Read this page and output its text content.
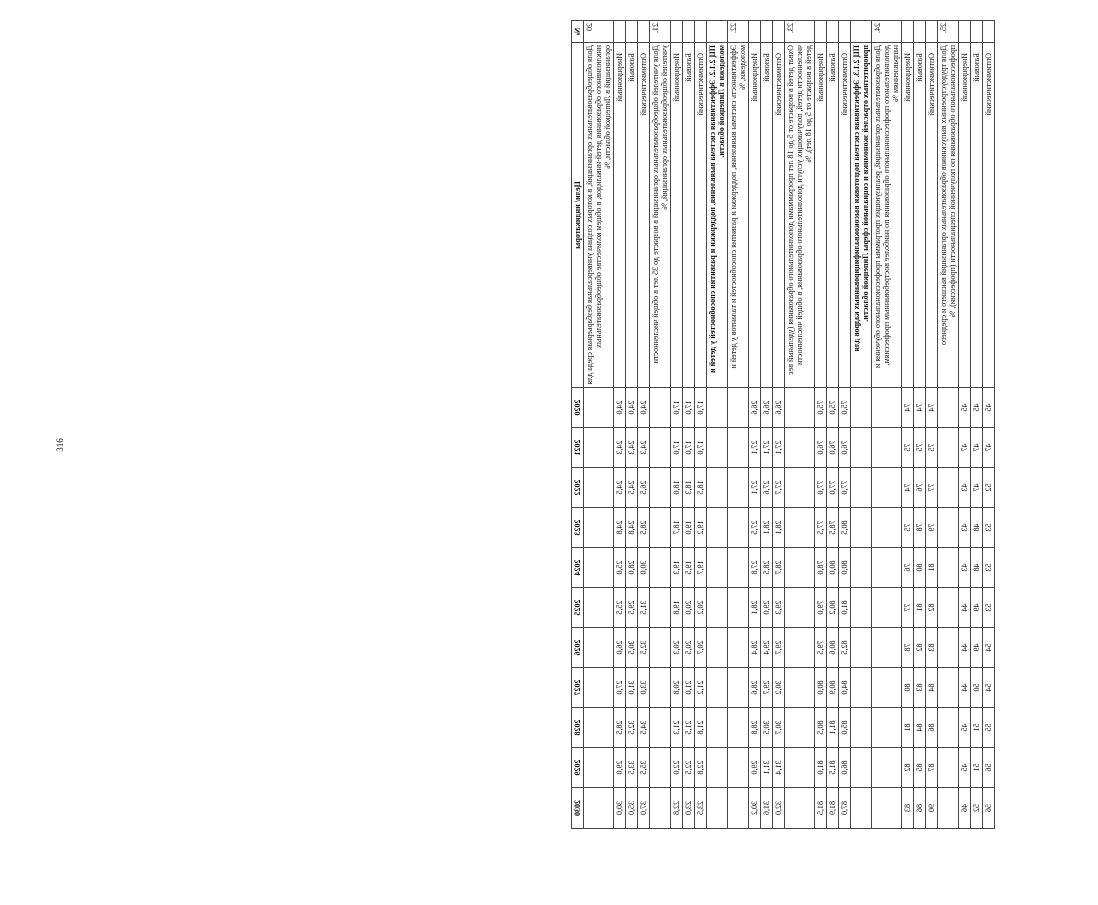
316
№	Цели/ индикаторы	2020	2021	2022	2023	2024	2025	2026	2027	2028	2029	2030
20	Доля общеобразовательных организаций, в которых создана универсальная безбарьерная среда для инклюзивного образования детей-инвалидов, в общем количестве общеобразовательных организаций в Липецкой области, %											
	Инерционный	24,0	24,3	24,5	24,8	25,0	25,5	26,0	27,0	28,5	29,0	30,0
	Базовый	24,0	24,3	24,5	24,8	28,0	29,5	30,5	31,0	32,5	33,5	35,0
	Оптимистический	24,0	24,3	26,5	28,5	30,0	31,5	32,5	33,0	34,5	35,5	37,0
21.	Доля учителей общеобразовательных организаций в возрасте до 35 лет в общей численности учителей общеобразовательных организаций, %											
	Инерционный	17,0	17,0	18,0	18,7	19,3	19,8	20,3	20,8	21,3	22,0	22,8
	Базовый	17,0	17,0	18,3	19,0	19,5	20,0	20,5	21,0	21,5	22,5	23,0
	Оптимистический	17,0	17,0	18,5	19,2	19,7	20,2	20,7	21,2	21,8	22,8	23,5
	ПЦ 2.1.2. Эффективная система выявления, поддержки и развития способностей у детей и молодежи в Липецкой области.											
22.	Эффективность системы выявления, поддержки и развития способностей и талантов у детей и молодежи, %											
	Инерционный	26,6	27,1	27,1	27,5	27,8	28,1	28,4	28,6	28,8	29,0	30,2
	Базовый	26,6	27,1	27,6	28,1	28,5	29,0	29,4	29,7	30,5	31,1	31,6
	Оптимистический	26,6	27,1	27,7	28,1	28,7	29,3	29,7	30,2	30,7	31,4	32,0
23.	Охват детей в возрасте от 5 до 18 лет программами дополнительного образования (удельный вес численности детей, получающих услуги дополнительного образования, в общей численности детей в возрасте от 5 до 18 лет), %											
	Инерционный	75,0	76,0	77,0	77,5	78,0	79,0	79,5	80,0	80,5	81,0	81,5
	Базовый	75,0	76,0	77,0	78,5	80,0	80,2	80,6	80,9	81,1	81,5	81,9
	Оптимистический	75,0	76,0	77,0	80,5	80,0	81,0	82,5	84,0	85,0	86,0	87,0
	ПЦ 2.1.3. Эффективная система подготовки высококвалифицированных кадров для приоритетных отраслей экономики и социальной сферы Липецкой области.											
24.	Доля образовательных организаций, реализующих программы профессионального обучения и дополнительного профессионального образования по наиболее востребованным профессиям, направлениям %											
	Инерционный	74	75	74	75	76	77	78	80	81	82	83
	Базовый	74	75	76	78	80	81	82	83	84	85	86
	Оптимистический	74	75	77	79	81	82	83	84	86	87	90
25.	Доля трудоустроенных выпускников образовательных организаций высшего и среднего профессионального образования по полученной специальности (профессии), %											
	Инерционный	45	47	43	43	43	44	44	44	45	45	46
	Базовый	45	47	47	48	48	49	49	50	51	51	52
	Оптимистический	45	47	52	53	53	53	54	54	55	56	56
